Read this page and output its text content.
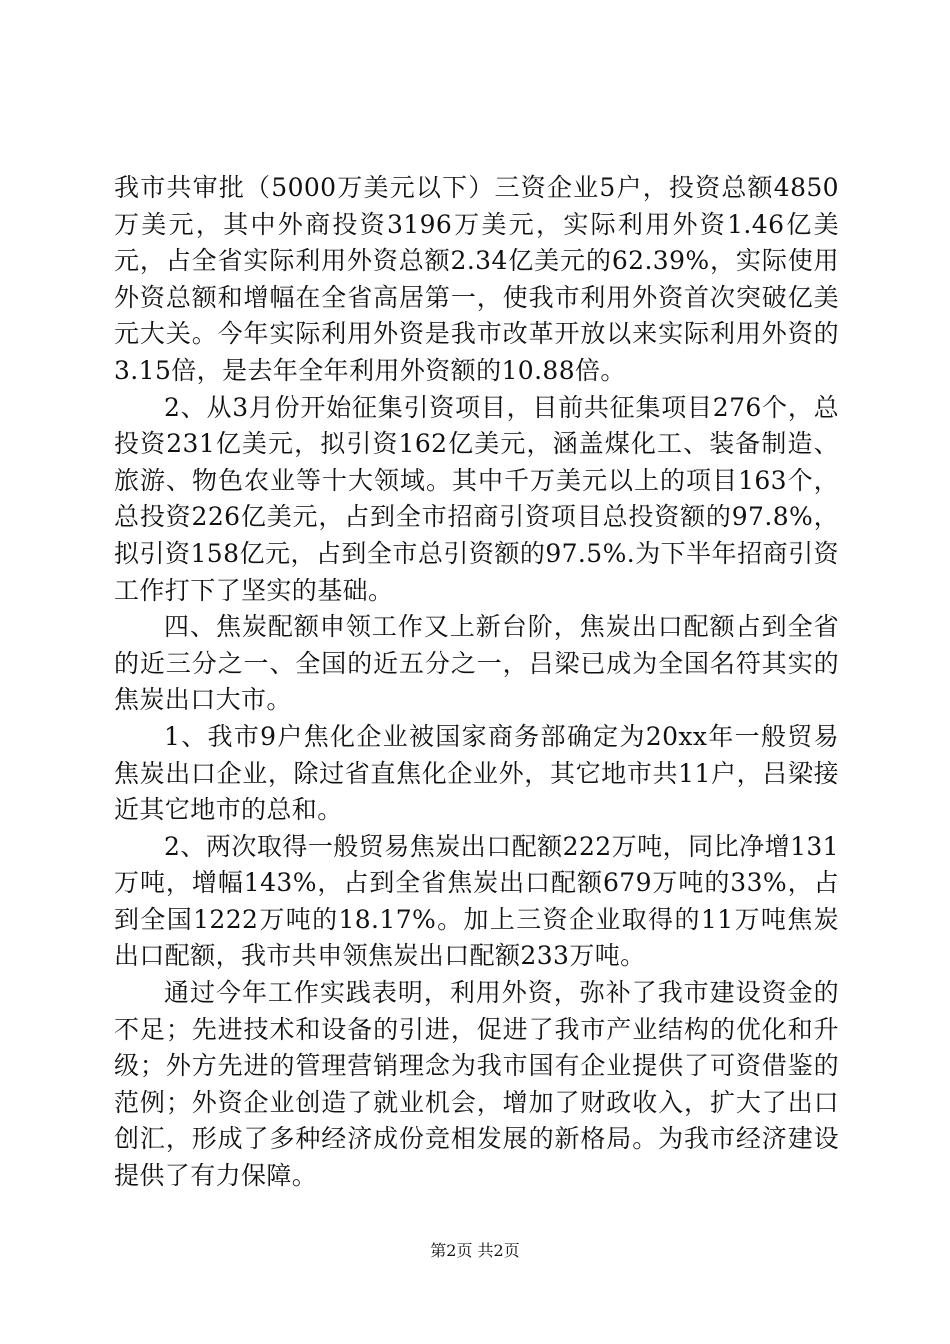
我市共审批（5000万美元以下）三资企业5户，投资总额4850万美元，其中外商投资3196万美元，实际利用外资1.46亿美元，占全省实际利用外资总额2.34亿美元的62.39%，实际使用外资总额和增幅在全省高居第一，使我市利用外资首次突破亿美元大关。今年实际利用外资是我市改革开放以来实际利用外资的3.15倍，是去年全年利用外资额的10.88倍。

2、从3月份开始征集引资项目，目前共征集项目276个，总投资231亿美元，拟引资162亿美元，涵盖煤化工、装备制造、旅游、物色农业等十大领域。其中千万美元以上的项目163个，总投资226亿美元，占到全市招商引资项目总投资额的97.8%，拟引资158亿元，占到全市总引资额的97.5%.为下半年招商引资工作打下了坚实的基础。

四、焦炭配额申领工作又上新台阶，焦炭出口配额占到全省的近三分之一、全国的近五分之一，吕梁已成为全国名符其实的焦炭出口大市。

1、我市9户焦化企业被国家商务部确定为20xx年一般贸易焦炭出口企业，除过省直焦化企业外，其它地市共11户，吕梁接近其它地市的总和。

2、两次取得一般贸易焦炭出口配额222万吨，同比净增131万吨，增幅143%，占到全省焦炭出口配额679万吨的33%，占到全国1222万吨的18.17%。加上三资企业取得的11万吨焦炭出口配额，我市共申领焦炭出口配额233万吨。

通过今年工作实践表明，利用外资，弥补了我市建设资金的不足；先进技术和设备的引进，促进了我市产业结构的优化和升级；外方先进的管理营销理念为我市国有企业提供了可资借鉴的范例；外资企业创造了就业机会，增加了财政收入，扩大了出口创汇，形成了多种经济成份竞相发展的新格局。为我市经济建设提供了有力保障。

第2页 共2页
